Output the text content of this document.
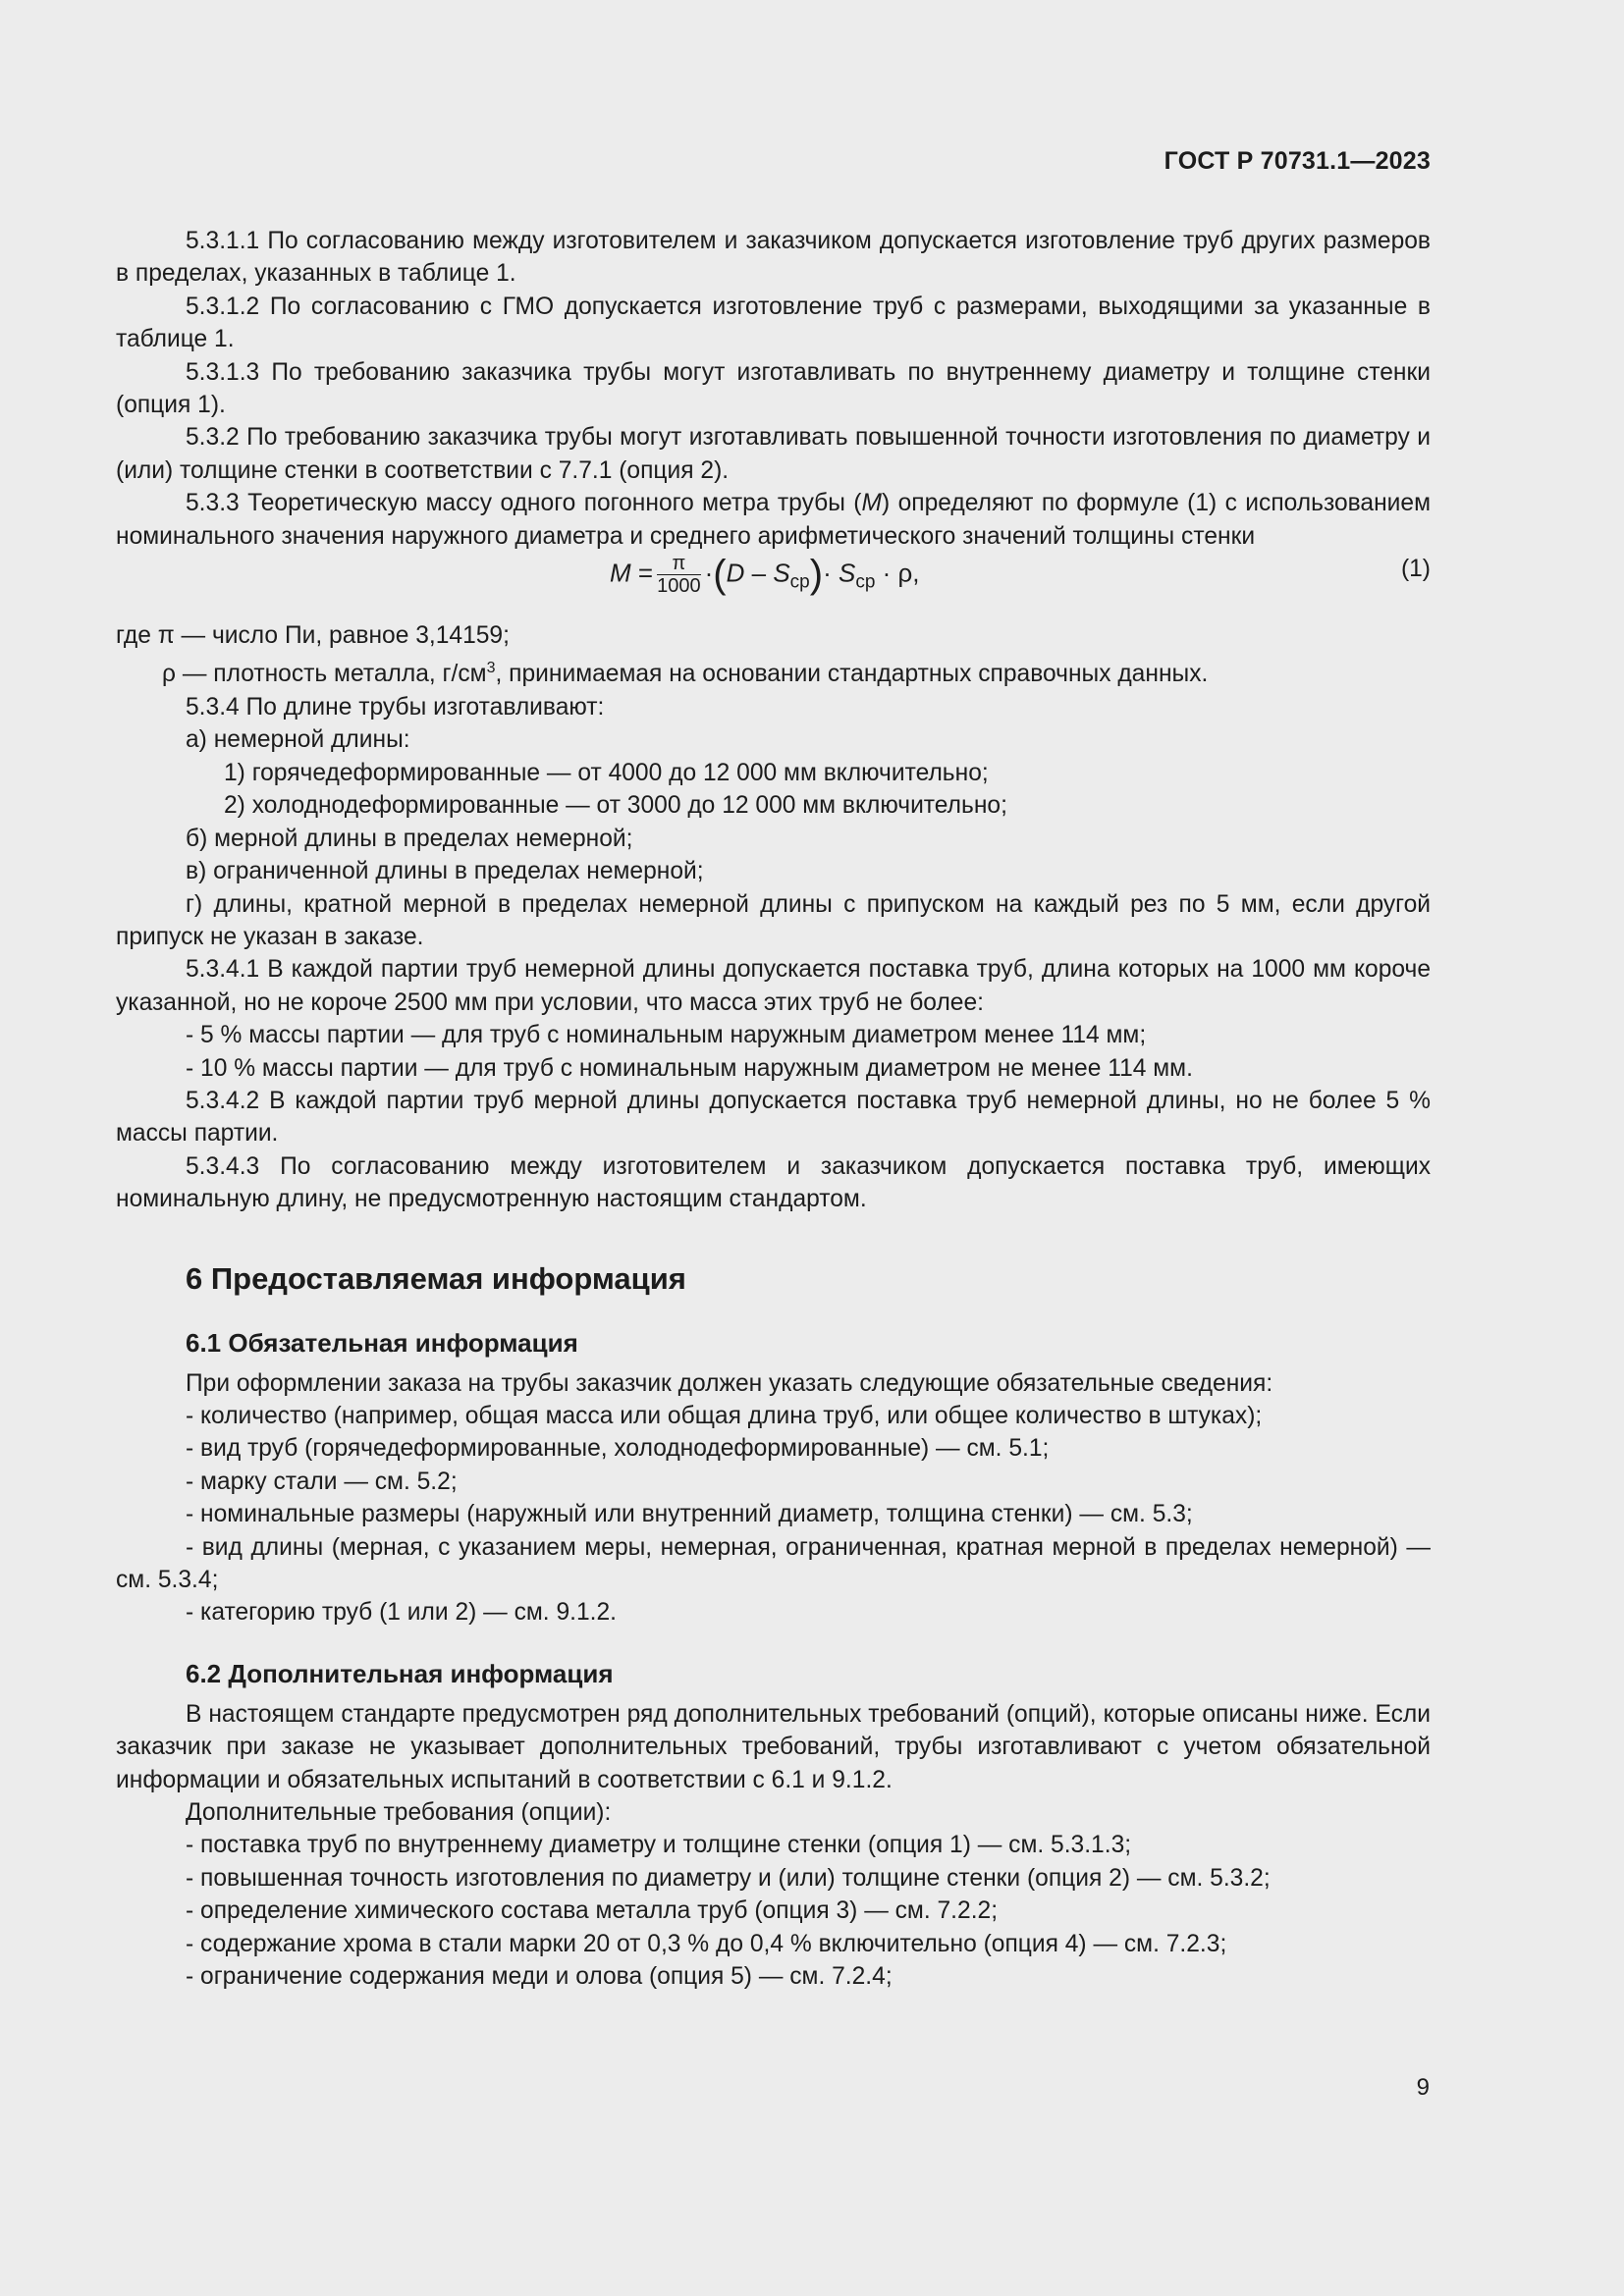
ГОСТ Р 70731.1—2023

5.3.1.1 По согласованию между изготовителем и заказчиком допускается изготовление труб других размеров в пределах, указанных в таблице 1.

5.3.1.2 По согласованию с ГМО допускается изготовление труб с размерами, выходящими за указанные в таблице 1.

5.3.1.3 По требованию заказчика трубы могут изготавливать по внутреннему диаметру и толщине стенки (опция 1).

5.3.2 По требованию заказчика трубы могут изготавливать повышенной точности изготовления по диаметру и (или) толщине стенки в соответствии с 7.7.1 (опция 2).

5.3.3 Теоретическую массу одного погонного метра трубы (M) определяют по формуле (1) с использованием номинального значения наружного диаметра и среднего арифметического значений толщины стенки

$M = \frac{\pi}{1000} \cdot(D - S_{ср})\cdot S_{ср} \cdot \rho$,	(1)

где π — число Пи, равное 3,14159;

ρ — плотность металла, $г/см^3$, принимаемая на основании стандартных справочных данных.

5.3.4 По длине трубы изготавливают:

а) немерной длины:

1) горячедеформированные — от 4000 до 12 000 мм включительно;

2) холоднодеформированные — от 3000 до 12 000 мм включительно;

б) мерной длины в пределах немерной;

в) ограниченной длины в пределах немерной;

г) длины, кратной мерной в пределах немерной длины с припуском на каждый рез по 5 мм, если другой припуск не указан в заказе.

5.3.4.1 В каждой партии труб немерной длины допускается поставка труб, длина которых на 1000 мм короче указанной, но не короче 2500 мм при условии, что масса этих труб не более:

- 5 % массы партии — для труб с номинальным наружным диаметром менее 114 мм;

- 10 % массы партии — для труб с номинальным наружным диаметром не менее 114 мм.

5.3.4.2 В каждой партии труб мерной длины допускается поставка труб немерной длины, но не более 5 % массы партии.

5.3.4.3 По согласованию между изготовителем и заказчиком допускается поставка труб, имеющих номинальную длину, не предусмотренную настоящим стандартом.

6 Предоставляемая информация
6.1 Обязательная информация

При оформлении заказа на трубы заказчик должен указать следующие обязательные сведения:

- количество (например, общая масса или общая длина труб, или общее количество в штуках);

- вид труб (горячедеформированные, холоднодеформированные) — см. 5.1;

- марку стали — см. 5.2;

- номинальные размеры (наружный или внутренний диаметр, толщина стенки) — см. 5.3;

- вид длины (мерная, с указанием меры, немерная, ограниченная, кратная мерной в пределах немерной) — см. 5.3.4;

- категорию труб (1 или 2) — см. 9.1.2.

6.2 Дополнительная информация

В настоящем стандарте предусмотрен ряд дополнительных требований (опций), которые описаны ниже. Если заказчик при заказе не указывает дополнительных требований, трубы изготавливают с учетом обязательной информации и обязательных испытаний в соответствии с 6.1 и 9.1.2.

Дополнительные требования (опции):

- поставка труб по внутреннему диаметру и толщине стенки (опция 1) — см. 5.3.1.3;

- повышенная точность изготовления по диаметру и (или) толщине стенки (опция 2) — см. 5.3.2;

- определение химического состава металла труб (опция 3) — см. 7.2.2;

- содержание хрома в стали марки 20 от 0,3 % до 0,4 % включительно (опция 4) — см. 7.2.3;

- ограничение содержания меди и олова (опция 5) — см. 7.2.4;

9
